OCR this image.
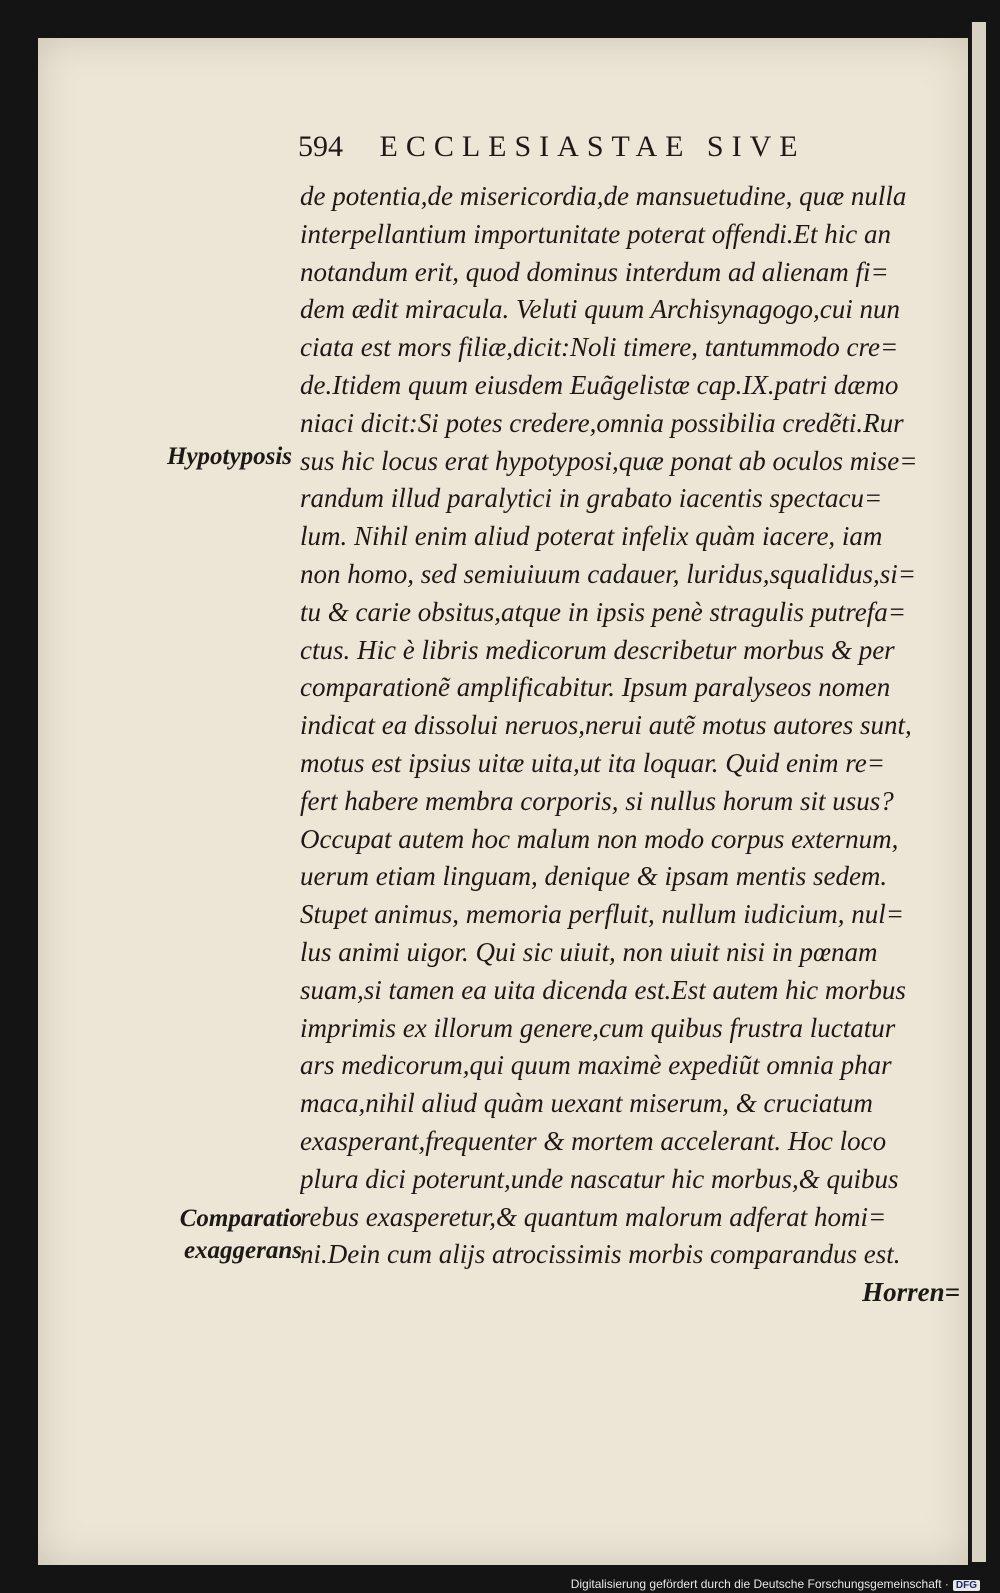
594 ECCLESIASTAE SIVE
Hypotyposis
Comparatio
exaggerans
de potentia,de misericordia,de mansuetudine, quæ nulla
interpellantium importunitate poterat offendi.Et hic an
notandum erit, quod dominus interdum ad alienam fi=
dem ædit miracula. Veluti quum Archisynagogo,cui nun
ciata est mors filiæ,dicit:Noli timere, tantummodo cre=
de.Itidem quum eiusdem Euãgelistæ cap.IX.patri dæmo
niaci dicit:Si potes credere,omnia possibilia credẽti.Rur
sus hic locus erat hypotyposi,quæ ponat ab oculos mise=
randum illud paralytici in grabato iacentis spectacu=
lum. Nihil enim aliud poterat infelix quàm iacere, iam
non homo, sed semiuiuum cadauer, luridus,squalidus,si=
tu & carie obsitus,atque in ipsis penè stragulis putrefa=
ctus. Hic è libris medicorum describetur morbus & per
comparationẽ amplificabitur. Ipsum paralyseos nomen
indicat ea dissolui neruos,nerui autẽ motus autores sunt,
motus est ipsius uitæ uita,ut ita loquar. Quid enim re=
fert habere membra corporis, si nullus horum sit usus?
Occupat autem hoc malum non modo corpus externum,
uerum etiam linguam, denique & ipsam mentis sedem.
Stupet animus, memoria perfluit, nullum iudicium, nul=
lus animi uigor. Qui sic uiuit, non uiuit nisi in pœnam
suam,si tamen ea uita dicenda est.Est autem hic morbus
imprimis ex illorum genere,cum quibus frustra luctatur
ars medicorum,qui quum maximè expediũt omnia phar
maca,nihil aliud quàm uexant miserum, & cruciatum
exasperant,frequenter & mortem accelerant. Hoc loco
plura dici poterunt,unde nascatur hic morbus,& quibus
rebus exasperetur,& quantum malorum adferat homi=
ni.Dein cum alijs atrocissimis morbis comparandus est.
Horren=
Digitalisierung gefördert durch die Deutsche Forschungsgemeinschaft · DFG
